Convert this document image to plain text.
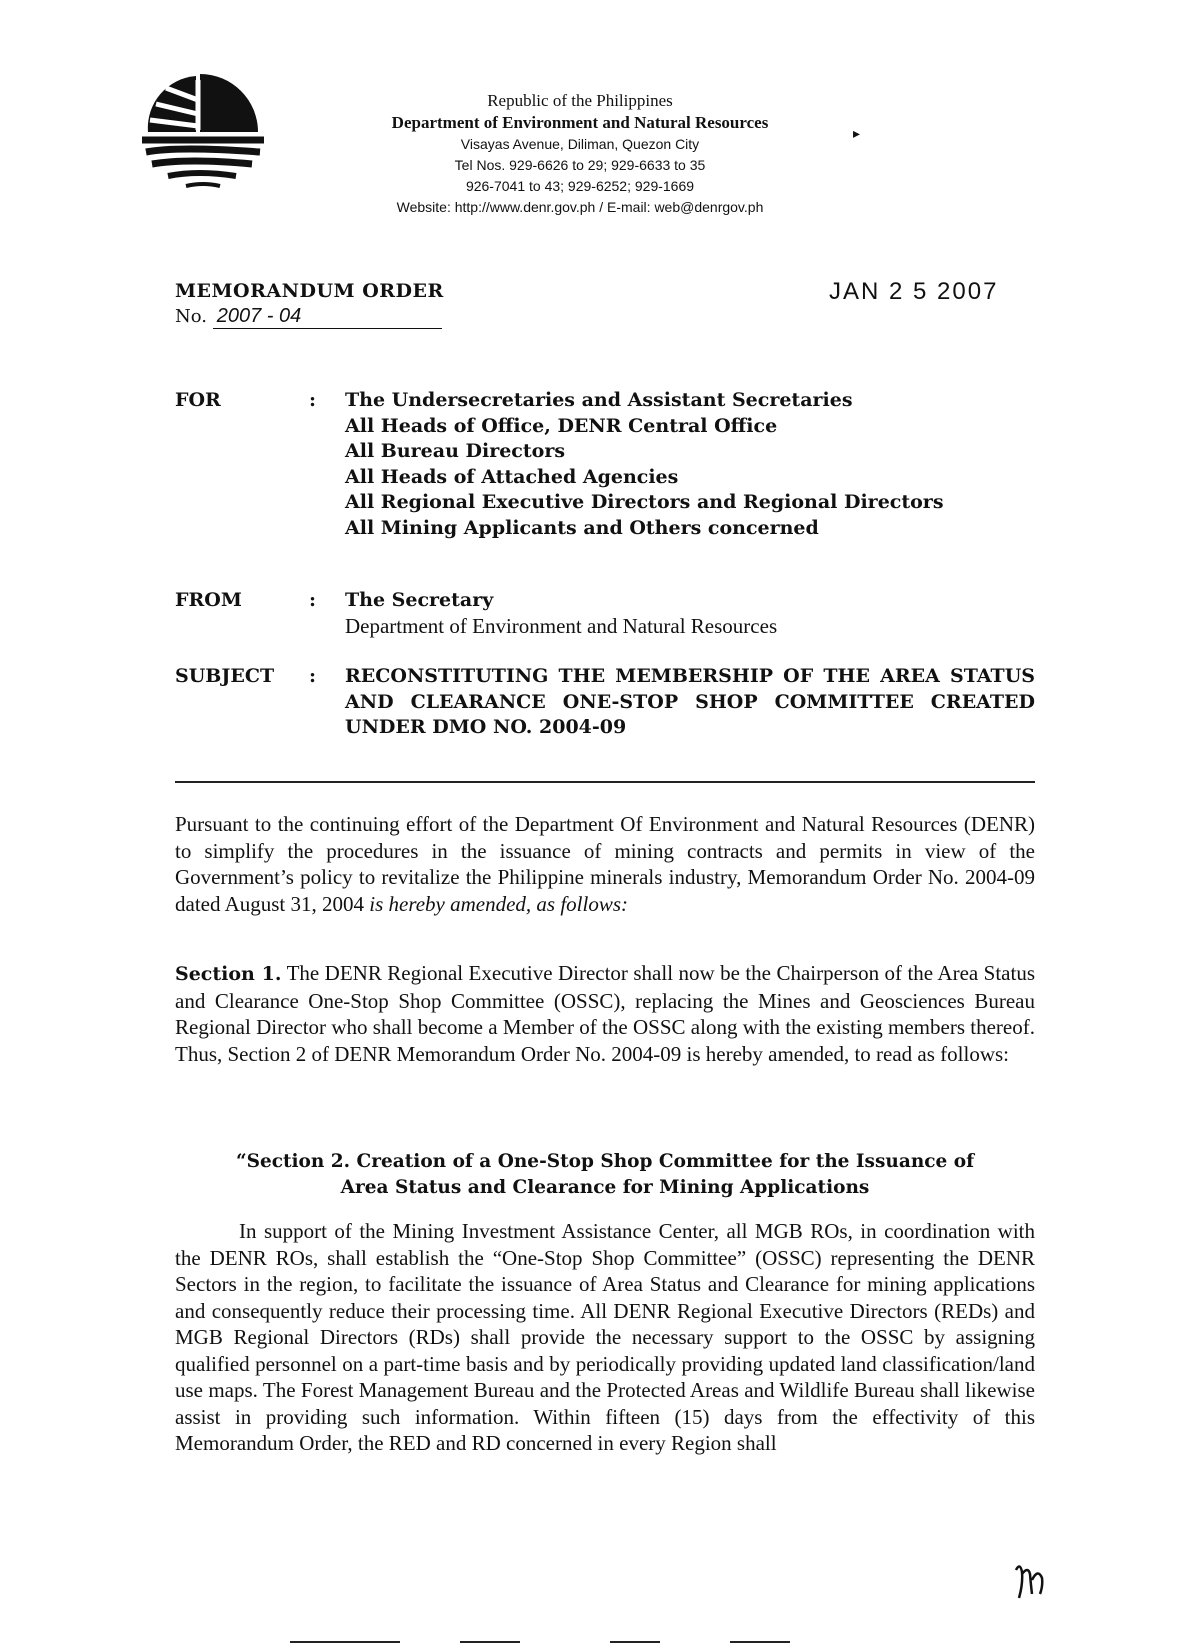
Republic of the Philippines
Department of Environment and Natural Resources
Visayas Avenue, Diliman, Quezon City
Tel Nos. 929-6626 to 29; 929-6633 to 35
926-7041 to 43; 929-6252; 929-1669
Website: http://www.denr.gov.ph / E-mail: web@denrgov.ph
▸
MEMORANDUM ORDER
No. 2007 - 04
JAN 2 5 2007
FOR	: The Undersecretaries and Assistant Secretaries
All Heads of Office, DENR Central Office
All Bureau Directors
All Heads of Attached Agencies
All Regional Executive Directors and Regional Directors
All Mining Applicants and Others concerned
FROM	: The Secretary
Department of Environment and Natural Resources
SUBJECT : RECONSTITUTING THE MEMBERSHIP OF THE AREA STATUS AND CLEARANCE ONE-STOP SHOP COMMITTEE CREATED UNDER DMO NO. 2004-09
Pursuant to the continuing effort of the Department Of Environment and Natural Resources (DENR) to simplify the procedures in the issuance of mining contracts and permits in view of the Government’s policy to revitalize the Philippine minerals industry, Memorandum Order No. 2004-09 dated August 31, 2004 is hereby amended, as follows:
Section 1. The DENR Regional Executive Director shall now be the Chairperson of the Area Status and Clearance One-Stop Shop Committee (OSSC), replacing the Mines and Geosciences Bureau Regional Director who shall become a Member of the OSSC along with the existing members thereof. Thus, Section 2 of DENR Memorandum Order No. 2004-09 is hereby amended, to read as follows:
“Section 2. Creation of a One-Stop Shop Committee for the Issuance of
Area Status and Clearance for Mining Applications
In support of the Mining Investment Assistance Center, all MGB ROs, in coordination with the DENR ROs, shall establish the “One-Stop Shop Committee” (OSSC) representing the DENR Sectors in the region, to facilitate the issuance of Area Status and Clearance for mining applications and consequently reduce their processing time. All DENR Regional Executive Directors (REDs) and MGB Regional Directors (RDs) shall provide the necessary support to the OSSC by assigning qualified personnel on a part-time basis and by periodically providing updated land classification/land use maps. The Forest Management Bureau and the Protected Areas and Wildlife Bureau shall likewise assist in providing such information. Within fifteen (15) days from the effectivity of this Memorandum Order, the RED and RD concerned in every Region shall
